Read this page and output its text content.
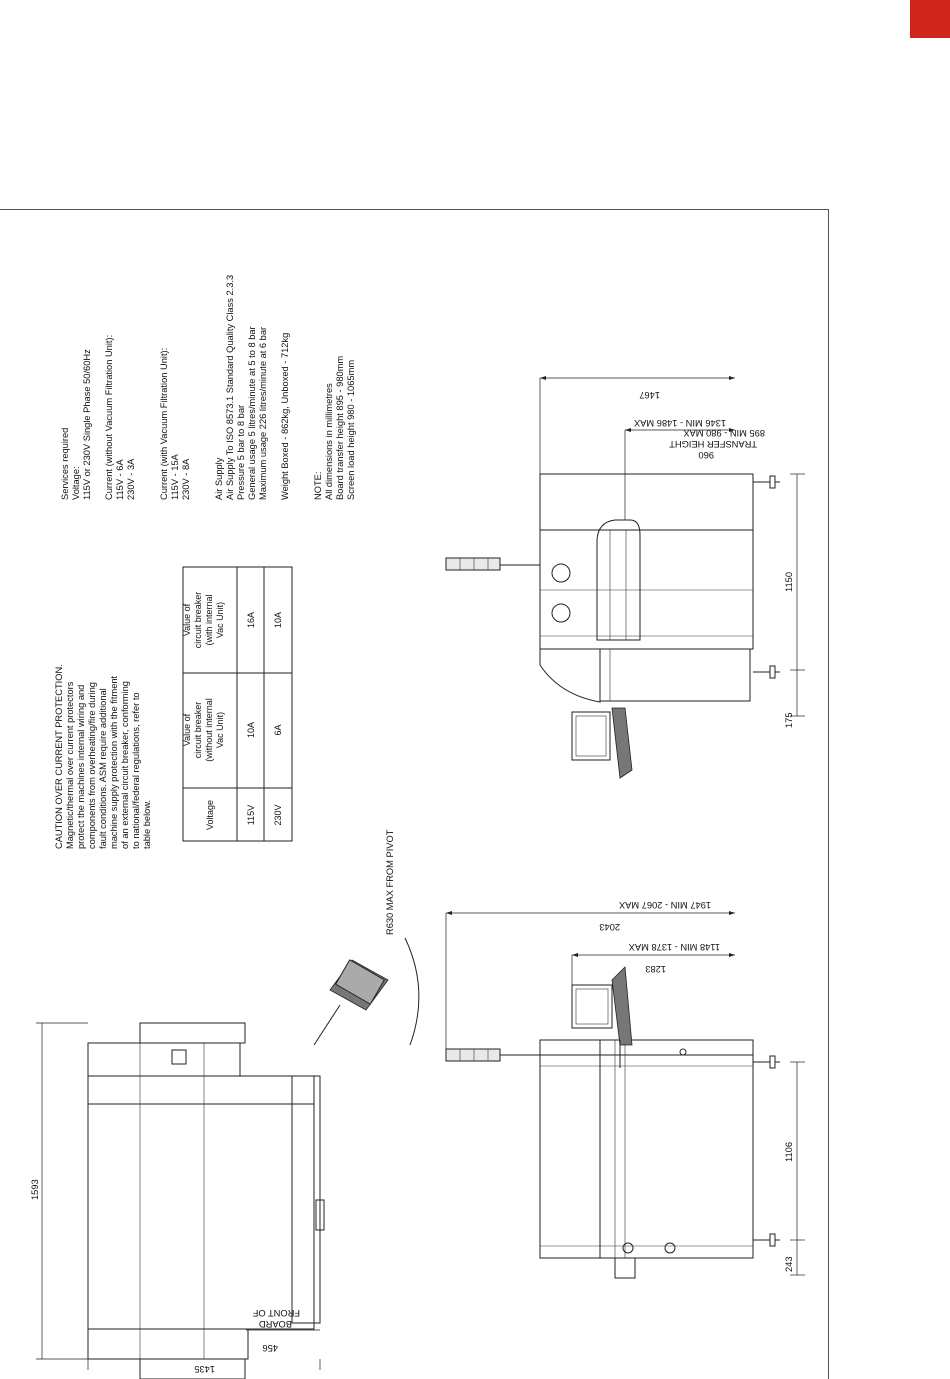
Services required Voltage: 115V or 230V Single Phase 50/60Hz Current (without Vacuum Filtration Unit): 115V - 6A 230V - 3A Current (with Vacuum Filtration Unit): 115V - 15A 230V - 8A Air Supply Air Supply To ISO 8573.1 Standard Quality Class 2.3.3 Pressure 5 bar to 8 bar General usage 5 litres/minute at 5 to 8 bar Maximum usage 226 litres/minute at 6 bar Weight Boxed - 862kg, Unboxed - 712kg NOTE: All dimensions in millimetres Board transfer height 895 - 980mm Screen load height 980 - 1065mm
CAUTION OVER CURRENT PROTECTION. Magnetic/thermal over current protectors protect the machines internal wiring and components from overheating/fire during fault conditions. ASM require additional machine supply protection with the fitment of an external circuit breaker, conforming to national/federal regulations, refer to table below.	Voltage
Value of circuit breaker (without internal Vac Unit)
Value of circuit breaker (with internal Vac Unit)
115V
10A
16A
230V
6A
10A
1346 MIN - 1486 MAX
1467
895 MIN - 980 MAX
TRANSFER HEIGHT
960
1150
175
1593
1435
456
FRONT OF
BOARD
R630 MAX FROM PIVOT	1947 MIN - 2067 MAX
2043
1148 MIN - 1378 MAX
1283
1106
243
